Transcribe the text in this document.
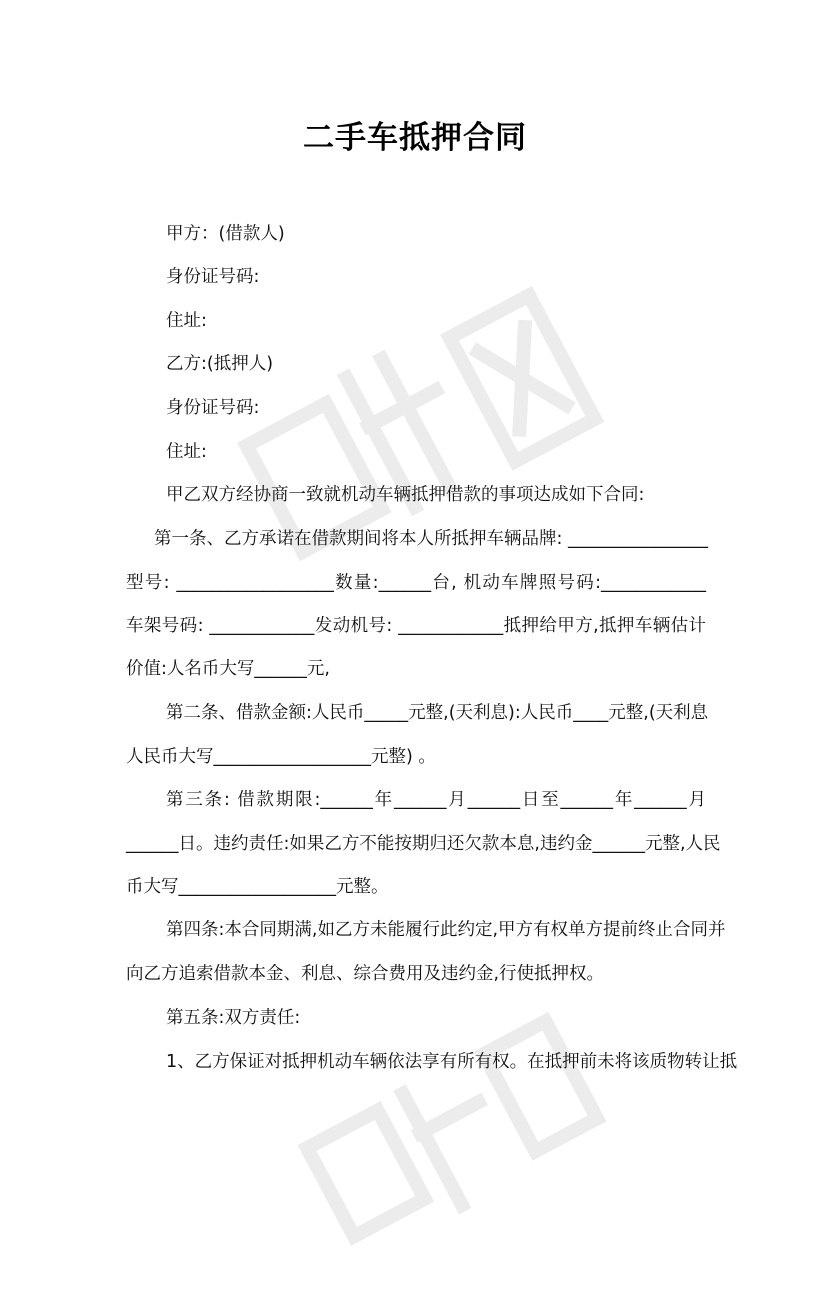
二手车抵押合同
甲方：(借款人)
身份证号码:
住址:
乙方:(抵押人)
身份证号码:
住址:
甲乙双方经协商一致就机动车辆抵押借款的事项达成如下合同:
第一条、乙方承诺在借款期间将本人所抵押车辆品牌: ________________
型号: __________________数量:______台, 机动车牌照号码:____________
车架号码: ____________发动机号: ____________抵押给甲方,抵押车辆估计
价值:人名币大写______元,
第二条、借款金额:人民币_____元整,(天利息):人民币____元整,(天利息
人民币大写__________________元整) 。
第三条: 借款期限:______年______月______日至______年______月
______日。违约责任:如果乙方不能按期归还欠款本息,违约金______元整,人民
币大写__________________元整。
第四条:本合同期满,如乙方未能履行此约定,甲方有权单方提前终止合同并
向乙方追索借款本金、利息、综合费用及违约金,行使抵押权。
第五条:双方责任:
1、乙方保证对抵押机动车辆依法享有所有权。在抵押前未将该质物转让抵
